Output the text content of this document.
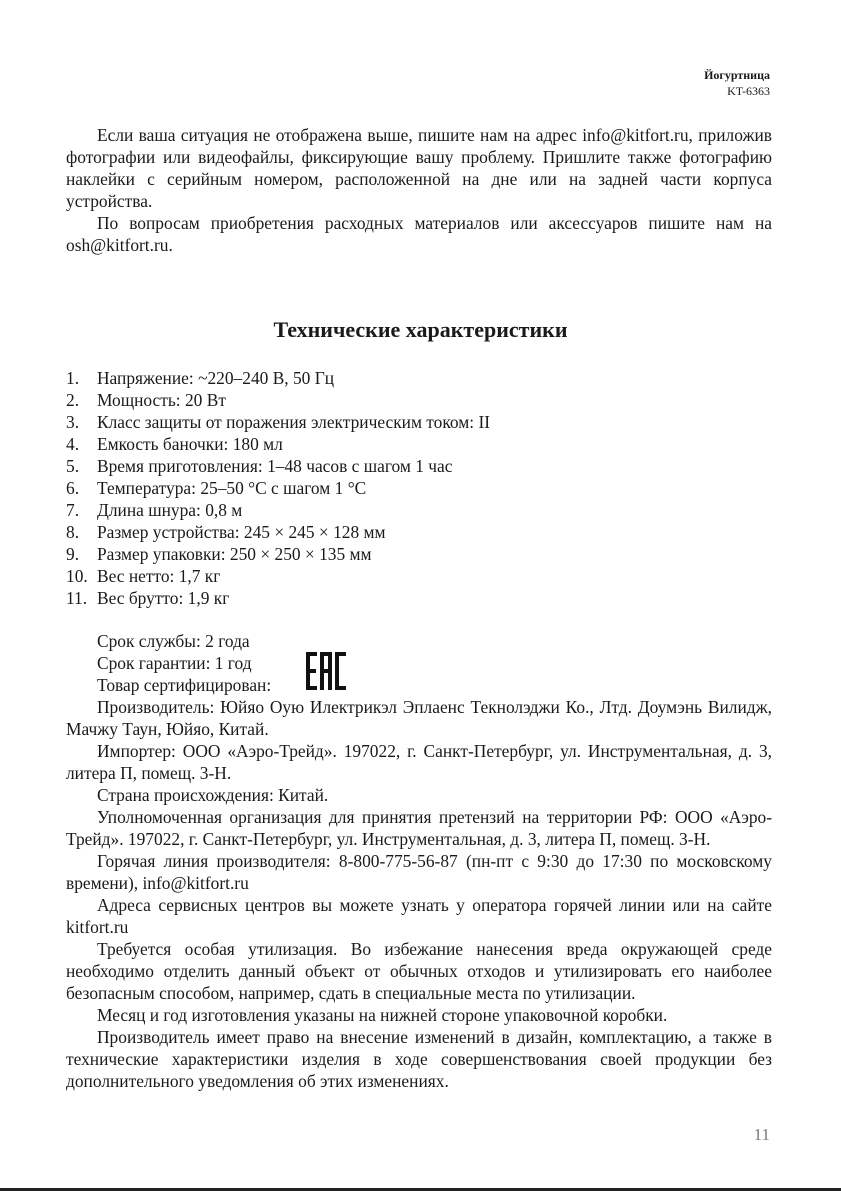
Йогуртница
KT-6363

Если ваша ситуация не отображена выше, пишите нам на адрес info@kitfort.ru, приложив фотографии или видеофайлы, фиксирующие вашу проблему. Пришлите также фотографию наклейки с серийным номером, расположенной на дне или на задней части корпуса устройства.

По вопросам приобретения расходных материалов или аксессуаров пишите нам на osh@kitfort.ru.

Технические характеристики
1. Напряжение: ~220–240 В, 50 Гц
2. Мощность: 20 Вт
3. Класс защиты от поражения электрическим током: II
4. Емкость баночки: 180 мл
5. Время приготовления: 1–48 часов с шагом 1 час
6. Температура: 25–50 °С с шагом 1 °С
7. Длина шнура: 0,8 м
8. Размер устройства: 245 × 245 × 128 мм
9. Размер упаковки: 250 × 250 × 135 мм
10. Вес нетто: 1,7 кг
11. Вес брутто: 1,9 кг
Срок службы: 2 года
Срок гарантии: 1 год
Товар сертифицирован:

Производитель: Юйяо Оую Илектрикэл Эплаенс Текнолэджи Ко., Лтд. Доумэнь Вилидж, Мачжу Таун, Юйяо, Китай.

Импортер: ООО «Аэро-Трейд». 197022, г. Санкт-Петербург, ул. Инструментальная, д. 3, литера П, помещ. 3-Н.

Страна происхождения: Китай.

Уполномоченная организация для принятия претензий на территории РФ: ООО «Аэро-Трейд». 197022, г. Санкт-Петербург, ул. Инструментальная, д. 3, литера П, помещ. 3-Н.

Горячая линия производителя: 8-800-775-56-87 (пн-пт с 9:30 до 17:30 по московскому времени), info@kitfort.ru

Адреса сервисных центров вы можете узнать у оператора горячей линии или на сайте kitfort.ru

Требуется особая утилизация. Во избежание нанесения вреда окружающей среде необходимо отделить данный объект от обычных отходов и утилизировать его наиболее безопасным способом, например, сдать в специальные места по утилизации.

Месяц и год изготовления указаны на нижней стороне упаковочной коробки.

Производитель имеет право на внесение изменений в дизайн, комплектацию, а также в технические характеристики изделия в ходе совершенствования своей продукции без дополнительного уведомления об этих изменениях.

11
